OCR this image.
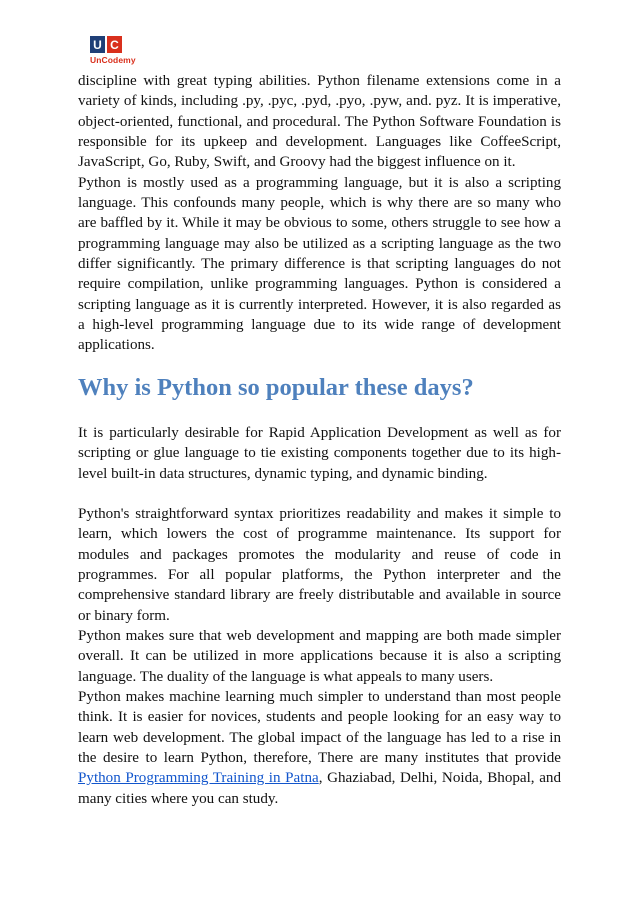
U C
UnCodemy

discipline with great typing abilities. Python filename extensions come in a variety of kinds, including .py, .pyc, .pyd, .pyo, .pyw, and. pyz. It is imperative, object-oriented, functional, and procedural. The Python Software Foundation is responsible for its upkeep and development. Languages like CoffeeScript, JavaScript, Go, Ruby, Swift, and Groovy had the biggest influence on it.

Python is mostly used as a programming language, but it is also a scripting language. This confounds many people, which is why there are so many who are baffled by it. While it may be obvious to some, others struggle to see how a programming language may also be utilized as a scripting language as the two differ significantly. The primary difference is that scripting languages do not require compilation, unlike programming languages. Python is considered a scripting language as it is currently interpreted. However, it is also regarded as a high-level programming language due to its wide range of development applications.

Why is Python so popular these days?

It is particularly desirable for Rapid Application Development as well as for scripting or glue language to tie existing components together due to its high-level built-in data structures, dynamic typing, and dynamic binding.

Python's straightforward syntax prioritizes readability and makes it simple to learn, which lowers the cost of programme maintenance. Its support for modules and packages promotes the modularity and reuse of code in programmes. For all popular platforms, the Python interpreter and the comprehensive standard library are freely distributable and available in source or binary form.

Python makes sure that web development and mapping are both made simpler overall. It can be utilized in more applications because it is also a scripting language. The duality of the language is what appeals to many users.

Python makes machine learning much simpler to understand than most people think. It is easier for novices, students and people looking for an easy way to learn web development. The global impact of the language has led to a rise in the desire to learn Python, therefore, There are many institutes that provide Python Programming Training in Patna, Ghaziabad, Delhi, Noida, Bhopal, and many cities where you can study.
